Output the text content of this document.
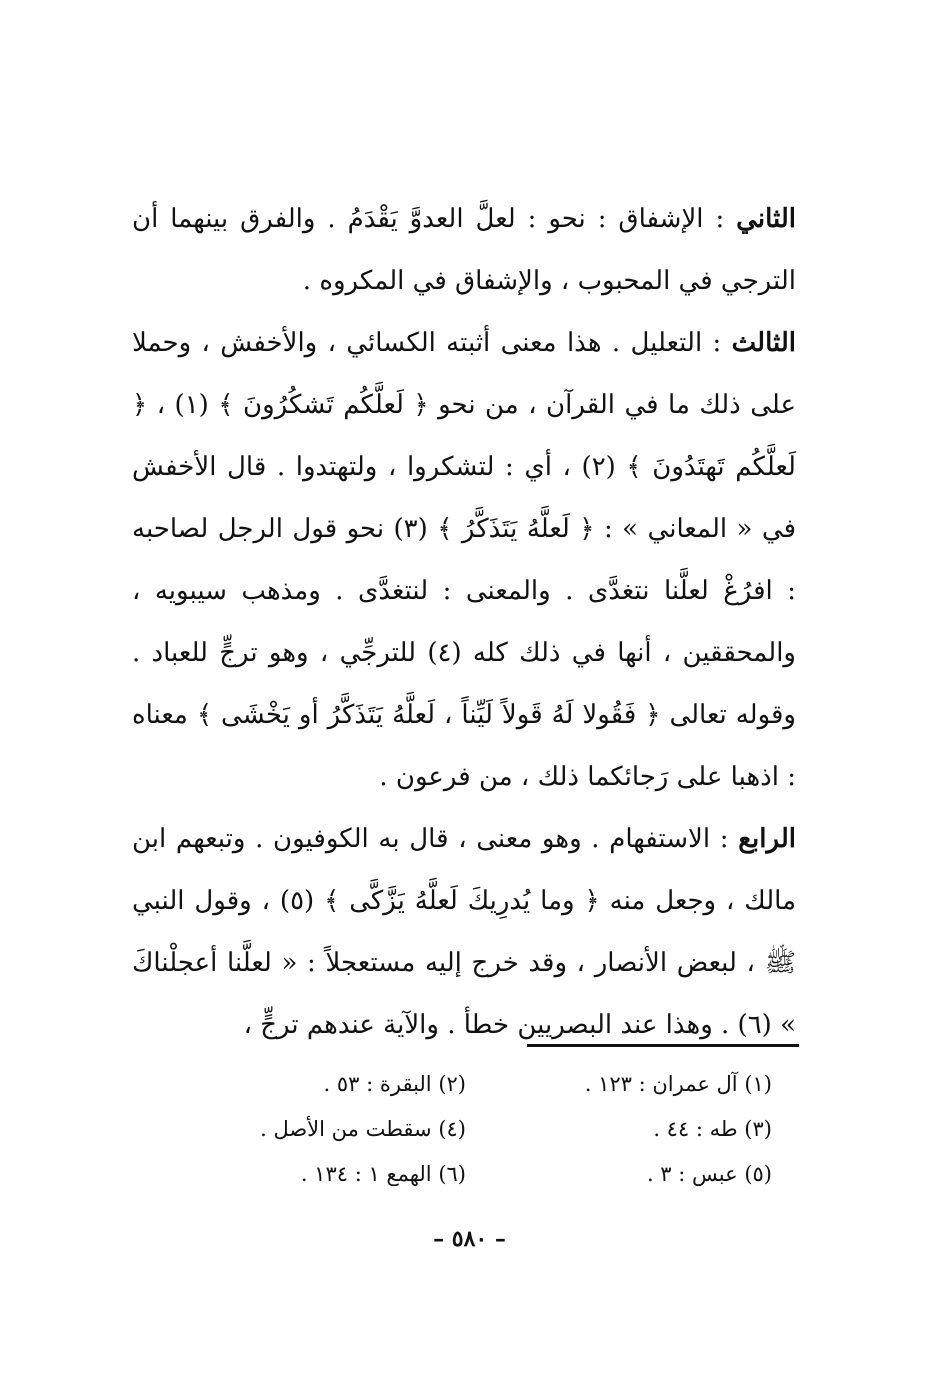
الثاني : الإشفاق : نحو : لعلَّ العدوَّ يَقْدَمُ . والفرق بينهما أن الترجي في المحبوب ، والإشفاق في المكروه .

الثالث : التعليل . هذا معنى أثبته الكسائي ، والأخفش ، وحملا على ذلك ما في القرآن ، من نحو ﴿ لَعلَّكُم تَشكُرُونَ ﴾ (١) ، ﴿ لَعلَّكُم تَهتَدُونَ ﴾ (٢) ، أي : لتشكروا ، ولتهتدوا . قال الأخفش في « المعاني » : ﴿ لَعلَّهُ يَتَذَكَّرُ ﴾ (٣) نحو قول الرجل لصاحبه : افرُغْ لعلَّنا نتغدَّى . والمعنى : لنتغدَّى . ومذهب سيبويه ، والمحققين ، أنها في ذلك كله (٤) للترجِّي ، وهو ترجٍّ للعباد . وقوله تعالى ﴿ فَقُولا لَهُ قَولاً لَيِّناً ، لَعلَّهُ يَتَذَكَّرُ أو يَخْشَى ﴾ معناه : اذهبا على رَجائكما ذلك ، من فرعون .

الرابع : الاستفهام . وهو معنى ، قال به الكوفيون . وتبعهم ابن مالك ، وجعل منه ﴿ وما يُدرِيكَ لَعلَّهُ يَزَّكَّى ﴾ (٥) ، وقول النبي ﷺ ، لبعض الأنصار ، وقد خرج إليه مستعجلاً : « لعلَّنا أعجلْناكَ » (٦) . وهذا عند البصريين خطأ . والآية عندهم ترجٍّ ،

(١) آل عمران : ١٢٣ .
(٢) البقرة : ٥٣ .
(٣) طه : ٤٤ .
(٤) سقطت من الأصل .
(٥) عبس : ٣ .
(٦) الهمع ١ : ١٣٤ .
– ٥٨٠ –
